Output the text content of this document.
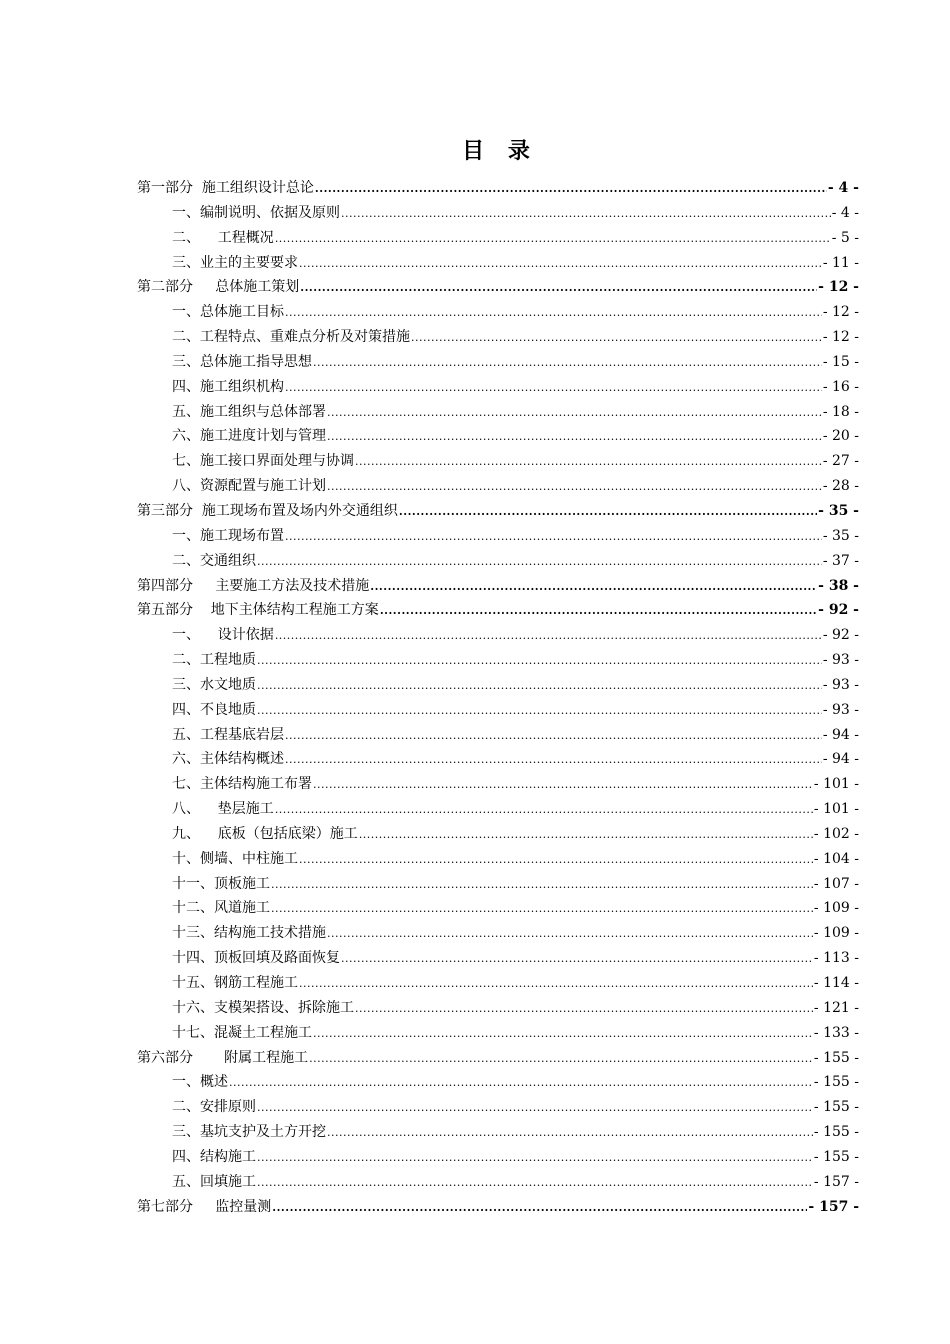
目 录
第一部分  施工组织设计总论 .....	- 4 -
一、编制说明、依据及原则 .....	- 4 -
二、    工程概况 .....	- 5 -
三、业主的主要要求 .....	- 11 -
第二部分     总体施工策划 .....	- 12 -
一、总体施工目标 .....	- 12 -
二、工程特点、重难点分析及对策措施 .....	- 12 -
三、总体施工指导思想 .....	- 15 -
四、施工组织机构 .....	- 16 -
五、施工组织与总体部署 .....	- 18 -
六、施工进度计划与管理 .....	- 20 -
七、施工接口界面处理与协调 .....	- 27 -
八、资源配置与施工计划 .....	- 28 -
第三部分  施工现场布置及场内外交通组织 .....	- 35 -
一、施工现场布置 .....	- 35 -
二、交通组织 .....	- 37 -
第四部分     主要施工方法及技术措施 .....	- 38 -
第五部分    地下主体结构工程施工方案 .....	- 92 -
一、    设计依据 .....	- 92 -
二、工程地质 .....	- 93 -
三、水文地质 .....	- 93 -
四、不良地质 .....	- 93 -
五、工程基底岩层 .....	- 94 -
六、主体结构概述 .....	- 94 -
七、主体结构施工布署 .....	- 101 -
八、    垫层施工 .....	- 101 -
九、    底板（包括底梁）施工 .....	- 102 -
十、侧墙、中柱施工 .....	- 104 -
十一、顶板施工 .....	- 107 -
十二、风道施工 .....	- 109 -
十三、结构施工技术措施 .....	- 109 -
十四、顶板回填及路面恢复 .....	- 113 -
十五、钢筋工程施工 .....	- 114 -
十六、支模架搭设、拆除施工 .....	- 121 -
十七、混凝土工程施工 .....	- 133 -
第六部分       附属工程施工 .....	- 155 -
一、概述 .....	- 155 -
二、安排原则 .....	- 155 -
三、基坑支护及土方开挖 .....	- 155 -
四、结构施工 .....	- 155 -
五、回填施工 .....	- 157 -
第七部分     监控量测 .....	- 157 -
